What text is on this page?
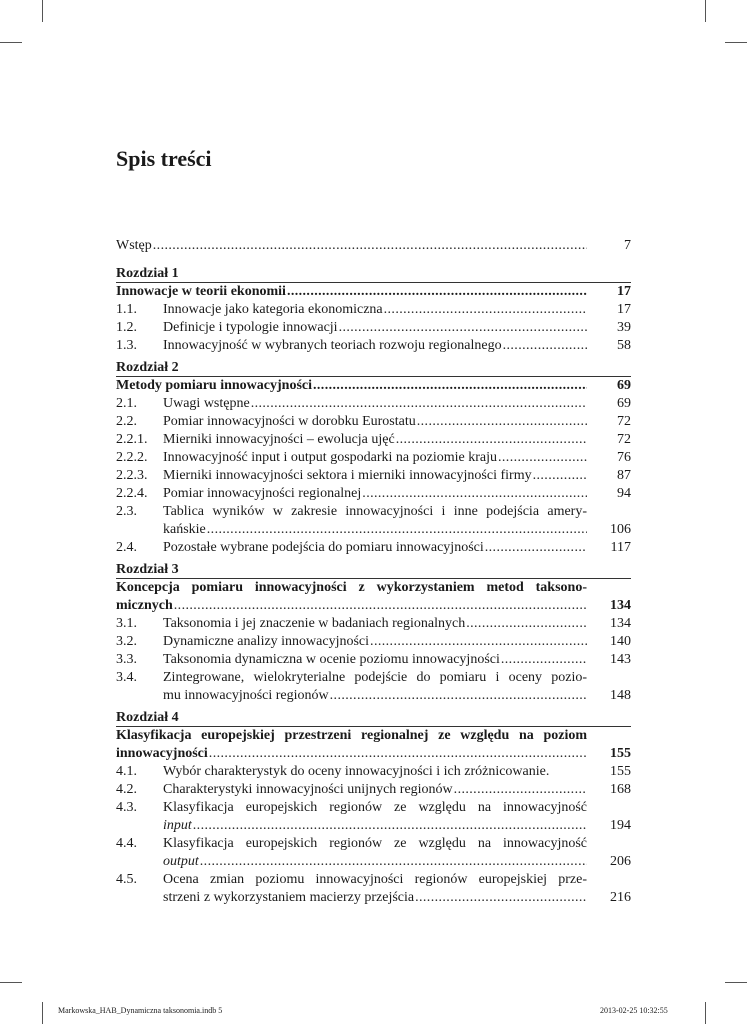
Spis treści
Wstęp .....	7
Rozdział 1
Innowacje w teorii ekonomii .....	17
1.1.	Innowacje jako kategoria ekonomiczna .....	17
1.2.	Definicje i typologie innowacji .....	39
1.3.	Innowacyjność w wybranych teoriach rozwoju regionalnego .....	58
Rozdział 2
Metody pomiaru innowacyjności .....	69
2.1.	Uwagi wstępne .....	69
2.2.	Pomiar innowacyjności w dorobku Eurostatu .....	72
2.2.1.	Mierniki innowacyjności – ewolucja ujęć .....	72
2.2.2.	Innowacyjność input i output gospodarki na poziomie kraju .....	76
2.2.3.	Mierniki innowacyjności sektora i mierniki innowacyjności firmy .....	87
2.2.4.	Pomiar innowacyjności regionalnej .....	94
2.3.	Tablica wyników w zakresie innowacyjności i inne podejścia amery-
kańskie .....	106
2.4.	Pozostałe wybrane podejścia do pomiaru innowacyjności .....	117
Rozdział 3
Koncepcja pomiaru innowacyjności z wykorzystaniem metod taksono-
micznych .....	134
3.1.	Taksonomia i jej znaczenie w badaniach regionalnych .....	134
3.2.	Dynamiczne analizy innowacyjności .....	140
3.3.	Taksonomia dynamiczna w ocenie poziomu innowacyjności .....	143
3.4.	Zintegrowane, wielokryterialne podejście do pomiaru i oceny pozio-
mu innowacyjności regionów .....	148
Rozdział 4
Klasyfikacja europejskiej przestrzeni regionalnej ze względu na poziom
innowacyjności .....	155
4.1.	Wybór charakterystyk do oceny innowacyjności i ich zróżnicowanie.	155
4.2.	Charakterystyki innowacyjności unijnych regionów .....	168
4.3.	Klasyfikacja europejskich regionów ze względu na innowacyjność
input .....	194
4.4.	Klasyfikacja europejskich regionów ze względu na innowacyjność
output .....	206
4.5.	Ocena zmian poziomu innowacyjności regionów europejskiej prze-
strzeni z wykorzystaniem macierzy przejścia .....	216
Markowska_HAB_Dynamiczna taksonomia.indb 5	2013-02-25 10:32:55
